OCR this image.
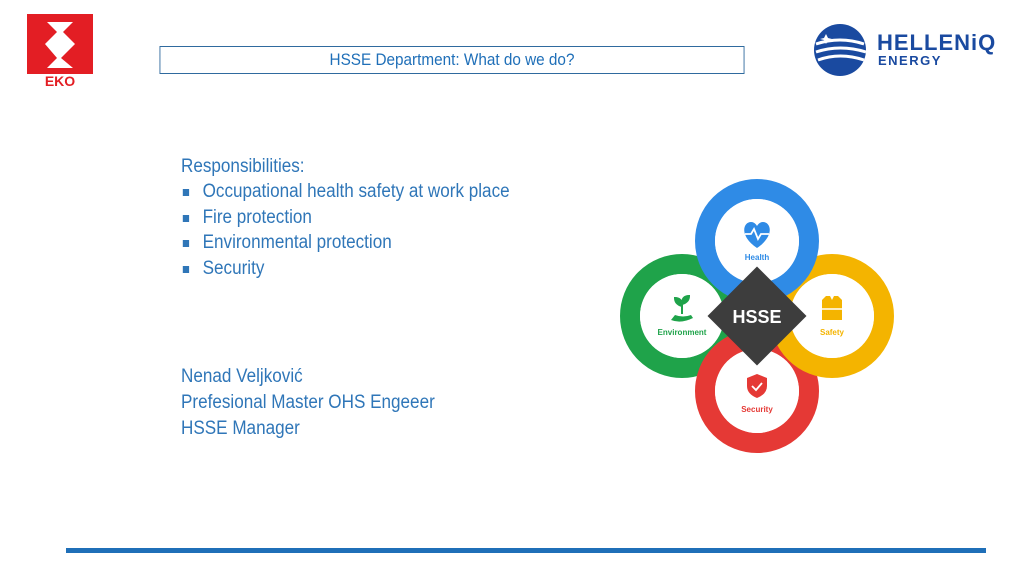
EKO
HSSE Department: What do we do?
HELLENiQ
ENERGY
Responsibilities:
Occupational health safety at work place
Fire protection
Environmental protection
Security
Nenad Veljković
Prefesional Master OHS Engeeer
HSSE Manager
HSSE
Health
Safety
Environment
Security
